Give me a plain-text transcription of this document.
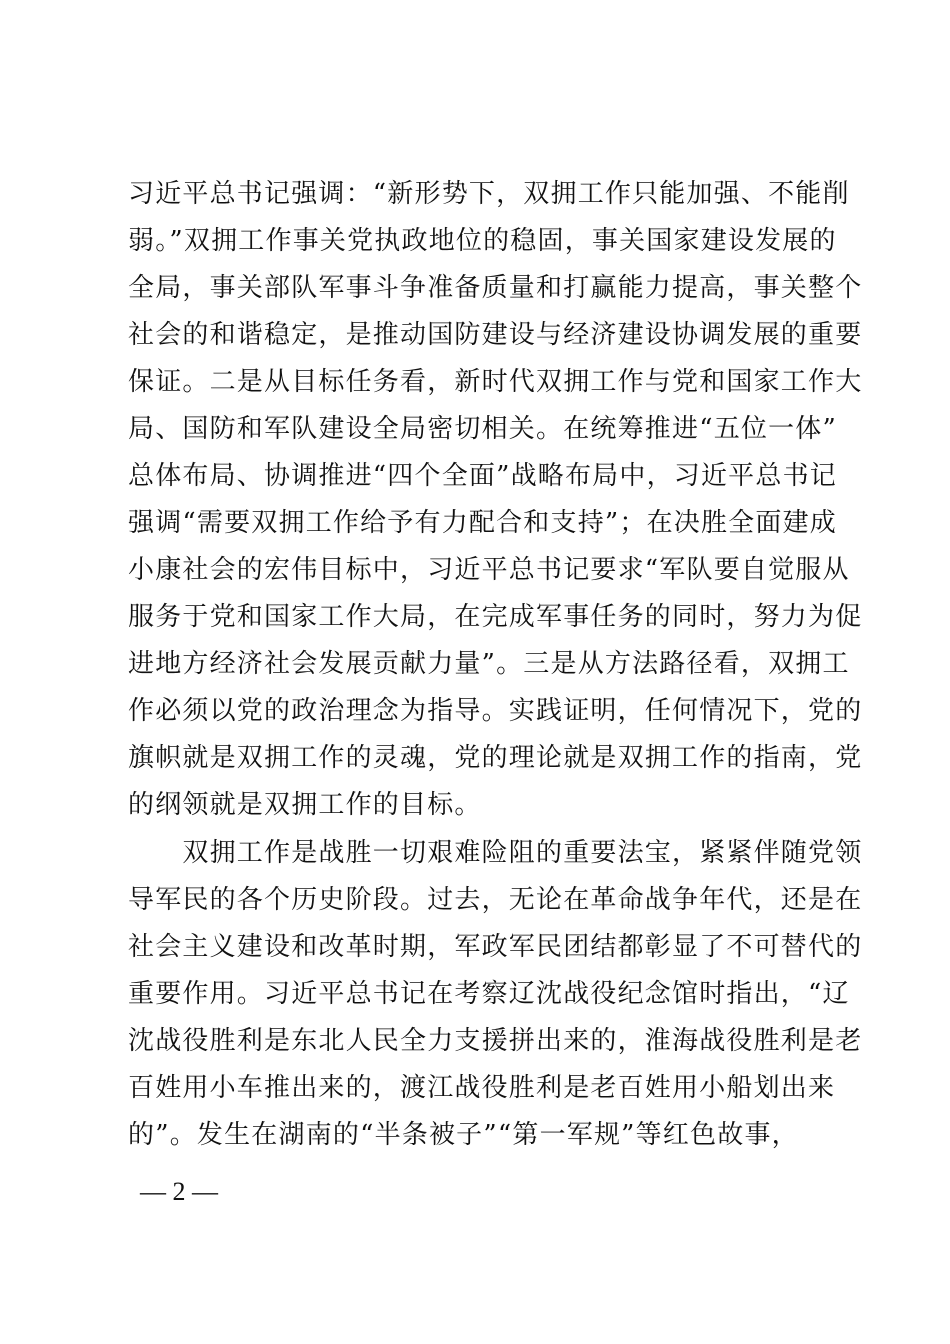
习近平总书记强调：“新形势下，双拥工作只能加强、不能削
弱。”双拥工作事关党执政地位的稳固，事关国家建设发展的
全局，事关部队军事斗争准备质量和打赢能力提高，事关整个
社会的和谐稳定，是推动国防建设与经济建设协调发展的重要
保证。二是从目标任务看，新时代双拥工作与党和国家工作大
局、国防和军队建设全局密切相关。在统筹推进“五位一体”
总体布局、协调推进“四个全面”战略布局中，习近平总书记
强调“需要双拥工作给予有力配合和支持”；在决胜全面建成
小康社会的宏伟目标中，习近平总书记要求“军队要自觉服从
服务于党和国家工作大局，在完成军事任务的同时，努力为促
进地方经济社会发展贡献力量”。三是从方法路径看，双拥工
作必须以党的政治理念为指导。实践证明，任何情况下，党的
旗帜就是双拥工作的灵魂，党的理论就是双拥工作的指南，党
的纲领就是双拥工作的目标。
　　双拥工作是战胜一切艰难险阻的重要法宝，紧紧伴随党领
导军民的各个历史阶段。过去，无论在革命战争年代，还是在
社会主义建设和改革时期，军政军民团结都彰显了不可替代的
重要作用。习近平总书记在考察辽沈战役纪念馆时指出，“辽
沈战役胜利是东北人民全力支援拼出来的，淮海战役胜利是老
百姓用小车推出来的，渡江战役胜利是老百姓用小船划出来
的”。发生在湖南的“半条被子”“第一军规”等红色故事，
— 2 —
